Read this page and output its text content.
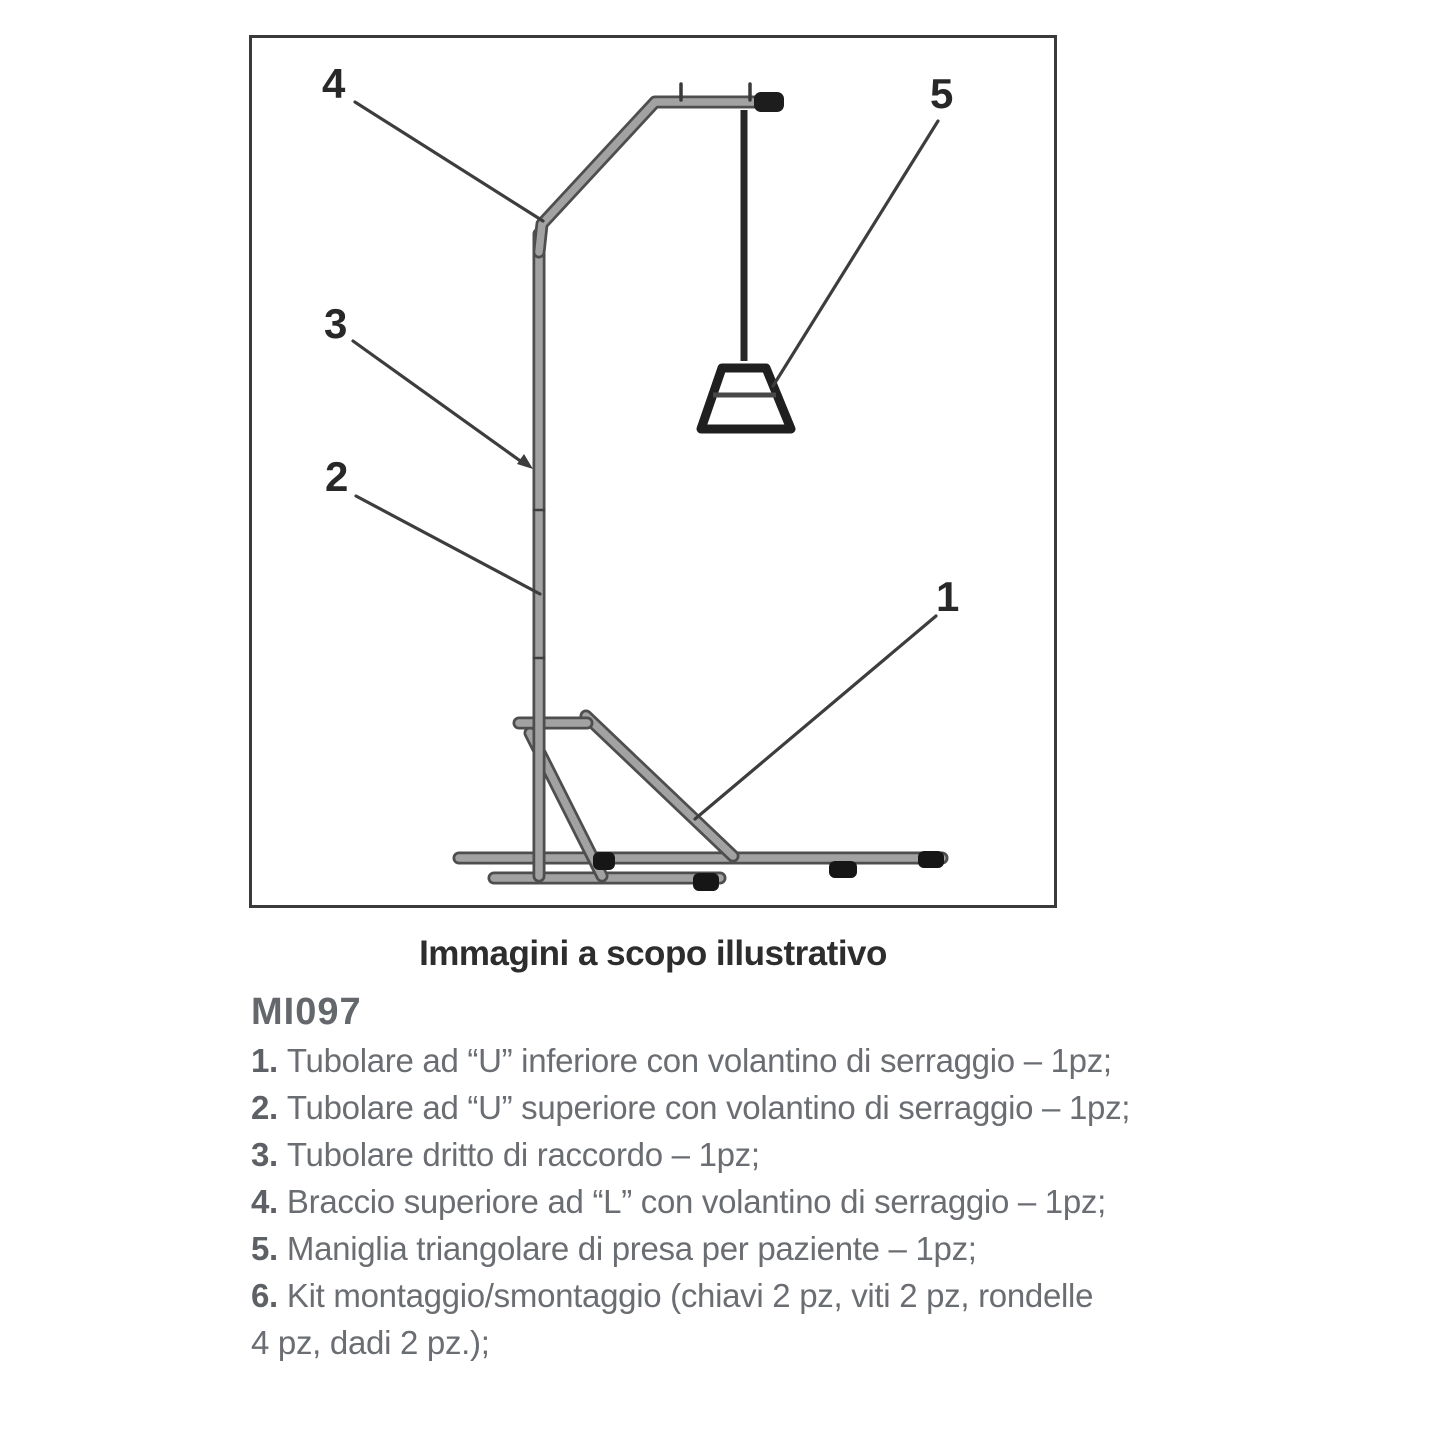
4
3
2
5
1
Immagini a scopo illustrativo
MI097
1. Tubolare ad “U” inferiore con volantino di serraggio – 1pz;
2. Tubolare ad “U” superiore con volantino di serraggio – 1pz;
3. Tubolare dritto di raccordo – 1pz;
4. Braccio superiore ad “L” con volantino di serraggio – 1pz;
5. Maniglia triangolare di presa per paziente – 1pz;
6. Kit montaggio/smontaggio (chiavi 2 pz, viti 2 pz, rondelle
4 pz, dadi 2 pz.);
